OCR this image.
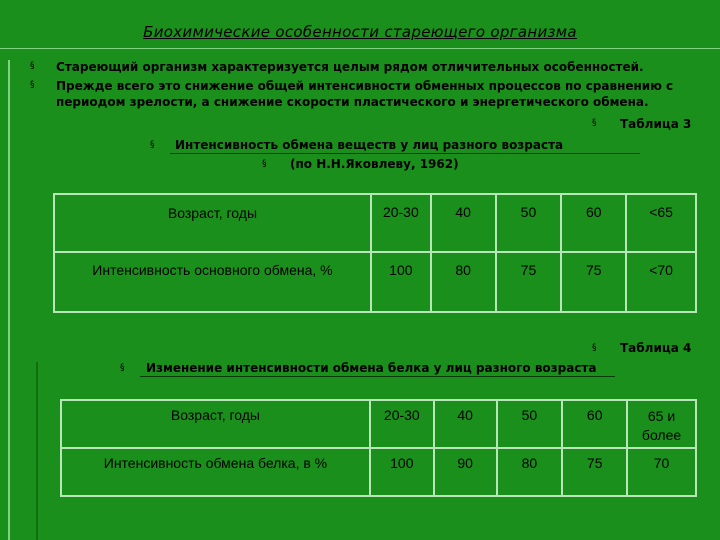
Биохимические особенности стареющего организма
§
§
Стареющий организм характеризуется целым рядом отличительных особенностей.
Прежде всего это снижение общей интенсивности обменных процессов по сравнению с
периодом зрелости, а снижение скорости пластического и энергетического обмена.
§ Таблица 3
§ Интенсивность обмена веществ у лиц разного возраста
§ (по Н.Н.Яковлеву, 1962)
Возраст, годы	20-30	40	50	60	<65
Интенсивность основного обмена, %	100	80	75	75	<70
§ Таблица 4
§ Изменение интенсивности обмена белка у лиц разного возраста
Возраст, годы	20-30	40	50	60	65 и более
Интенсивность обмена белка, в %	100	90	80	75	70
